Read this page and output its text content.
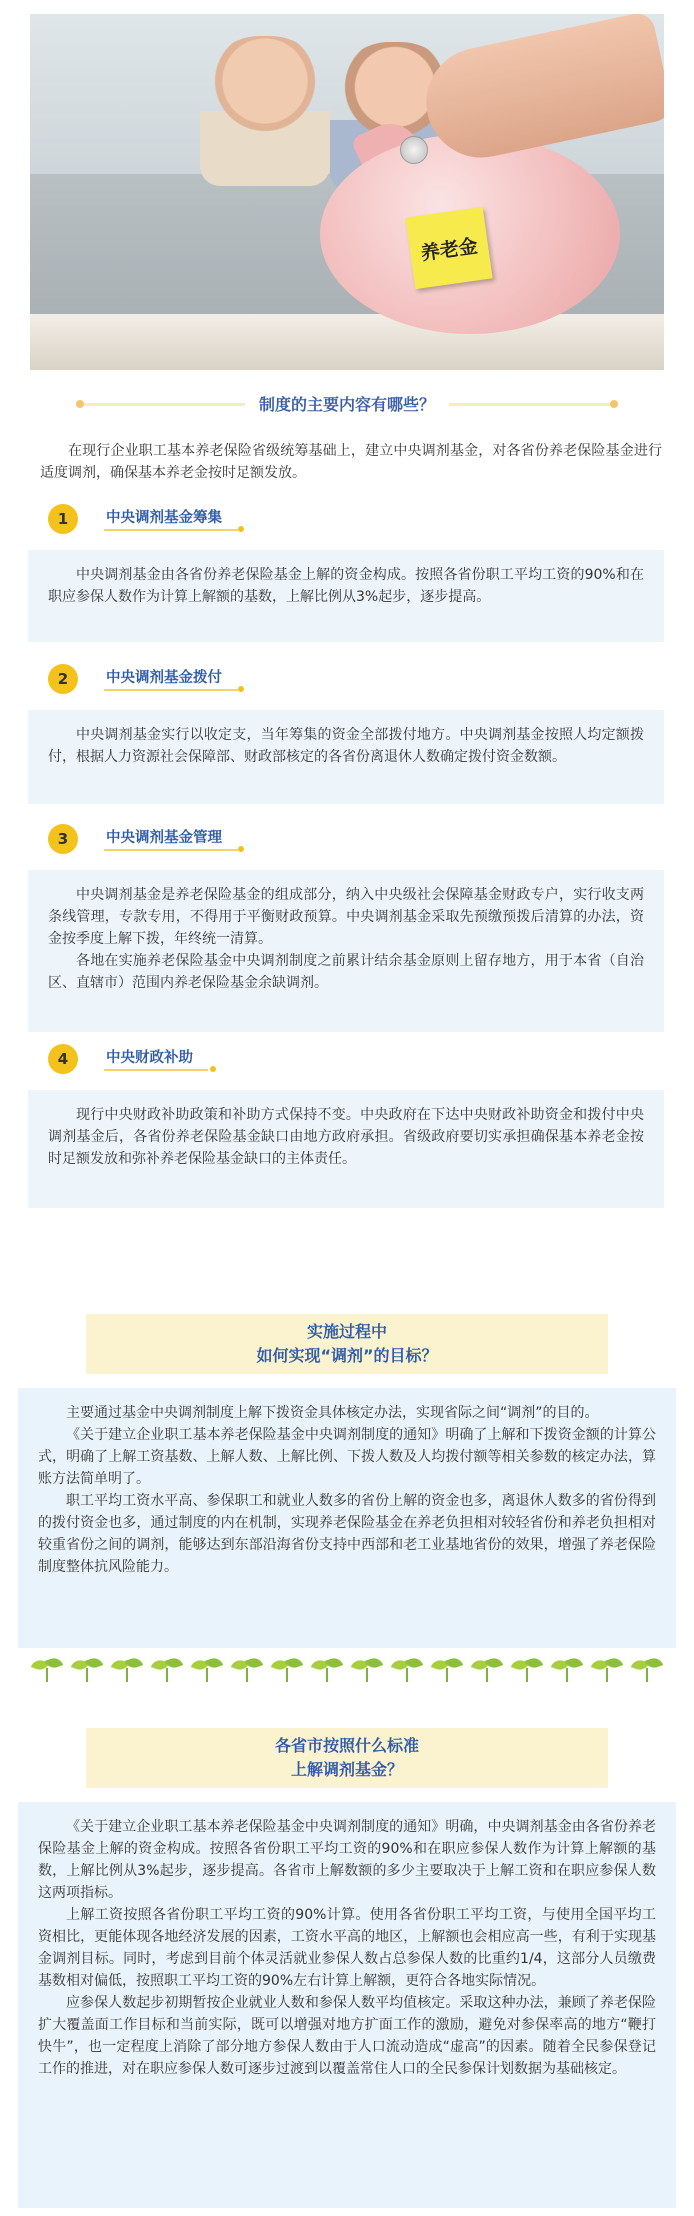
养老金
制度的主要内容有哪些？

在现行企业职工基本养老保险省级统筹基础上，建立中央调剂基金，对各省份养老保险基金进行适度调剂，确保基本养老金按时足额发放。

1	中央调剂基金筹集

中央调剂基金由各省份养老保险基金上解的资金构成。按照各省份职工平均工资的90%和在职应参保人数作为计算上解额的基数，上解比例从3%起步，逐步提高。

2	中央调剂基金拨付

中央调剂基金实行以收定支，当年筹集的资金全部拨付地方。中央调剂基金按照人均定额拨付，根据人力资源社会保障部、财政部核定的各省份离退休人数确定拨付资金数额。

3	中央调剂基金管理

中央调剂基金是养老保险基金的组成部分，纳入中央级社会保障基金财政专户，实行收支两条线管理，专款专用，不得用于平衡财政预算。中央调剂基金采取先预缴预拨后清算的办法，资金按季度上解下拨，年终统一清算。

各地在实施养老保险基金中央调剂制度之前累计结余基金原则上留存地方，用于本省（自治区、直辖市）范围内养老保险基金余缺调剂。

4	中央财政补助

现行中央财政补助政策和补助方式保持不变。中央政府在下达中央财政补助资金和拨付中央调剂基金后，各省份养老保险基金缺口由地方政府承担。省级政府要切实承担确保基本养老金按时足额发放和弥补养老保险基金缺口的主体责任。

实施过程中
如何实现“调剂”的目标？

主要通过基金中央调剂制度上解下拨资金具体核定办法，实现省际之间“调剂”的目的。

《关于建立企业职工基本养老保险基金中央调剂制度的通知》明确了上解和下拨资金额的计算公式，明确了上解工资基数、上解人数、上解比例、下拨人数及人均拨付额等相关参数的核定办法，算账方法简单明了。

职工平均工资水平高、参保职工和就业人数多的省份上解的资金也多，离退休人数多的省份得到的拨付资金也多，通过制度的内在机制，实现养老保险基金在养老负担相对较轻省份和养老负担相对较重省份之间的调剂，能够达到东部沿海省份支持中西部和老工业基地省份的效果，增强了养老保险制度整体抗风险能力。

各省市按照什么标准
上解调剂基金？

《关于建立企业职工基本养老保险基金中央调剂制度的通知》明确，中央调剂基金由各省份养老保险基金上解的资金构成。按照各省份职工平均工资的90%和在职应参保人数作为计算上解额的基数，上解比例从3%起步，逐步提高。各省市上解数额的多少主要取决于上解工资和在职应参保人数这两项指标。

上解工资按照各省份职工平均工资的90%计算。使用各省份职工平均工资，与使用全国平均工资相比，更能体现各地经济发展的因素，工资水平高的地区，上解额也会相应高一些，有利于实现基金调剂目标。同时，考虑到目前个体灵活就业参保人数占总参保人数的比重约1/4，这部分人员缴费基数相对偏低，按照职工平均工资的90%左右计算上解额，更符合各地实际情况。

应参保人数起步初期暂按企业就业人数和参保人数平均值核定。采取这种办法，兼顾了养老保险扩大覆盖面工作目标和当前实际，既可以增强对地方扩面工作的激励，避免对参保率高的地方“鞭打快牛”，也一定程度上消除了部分地方参保人数由于人口流动造成“虚高”的因素。随着全民参保登记工作的推进，对在职应参保人数可逐步过渡到以覆盖常住人口的全民参保计划数据为基础核定。
